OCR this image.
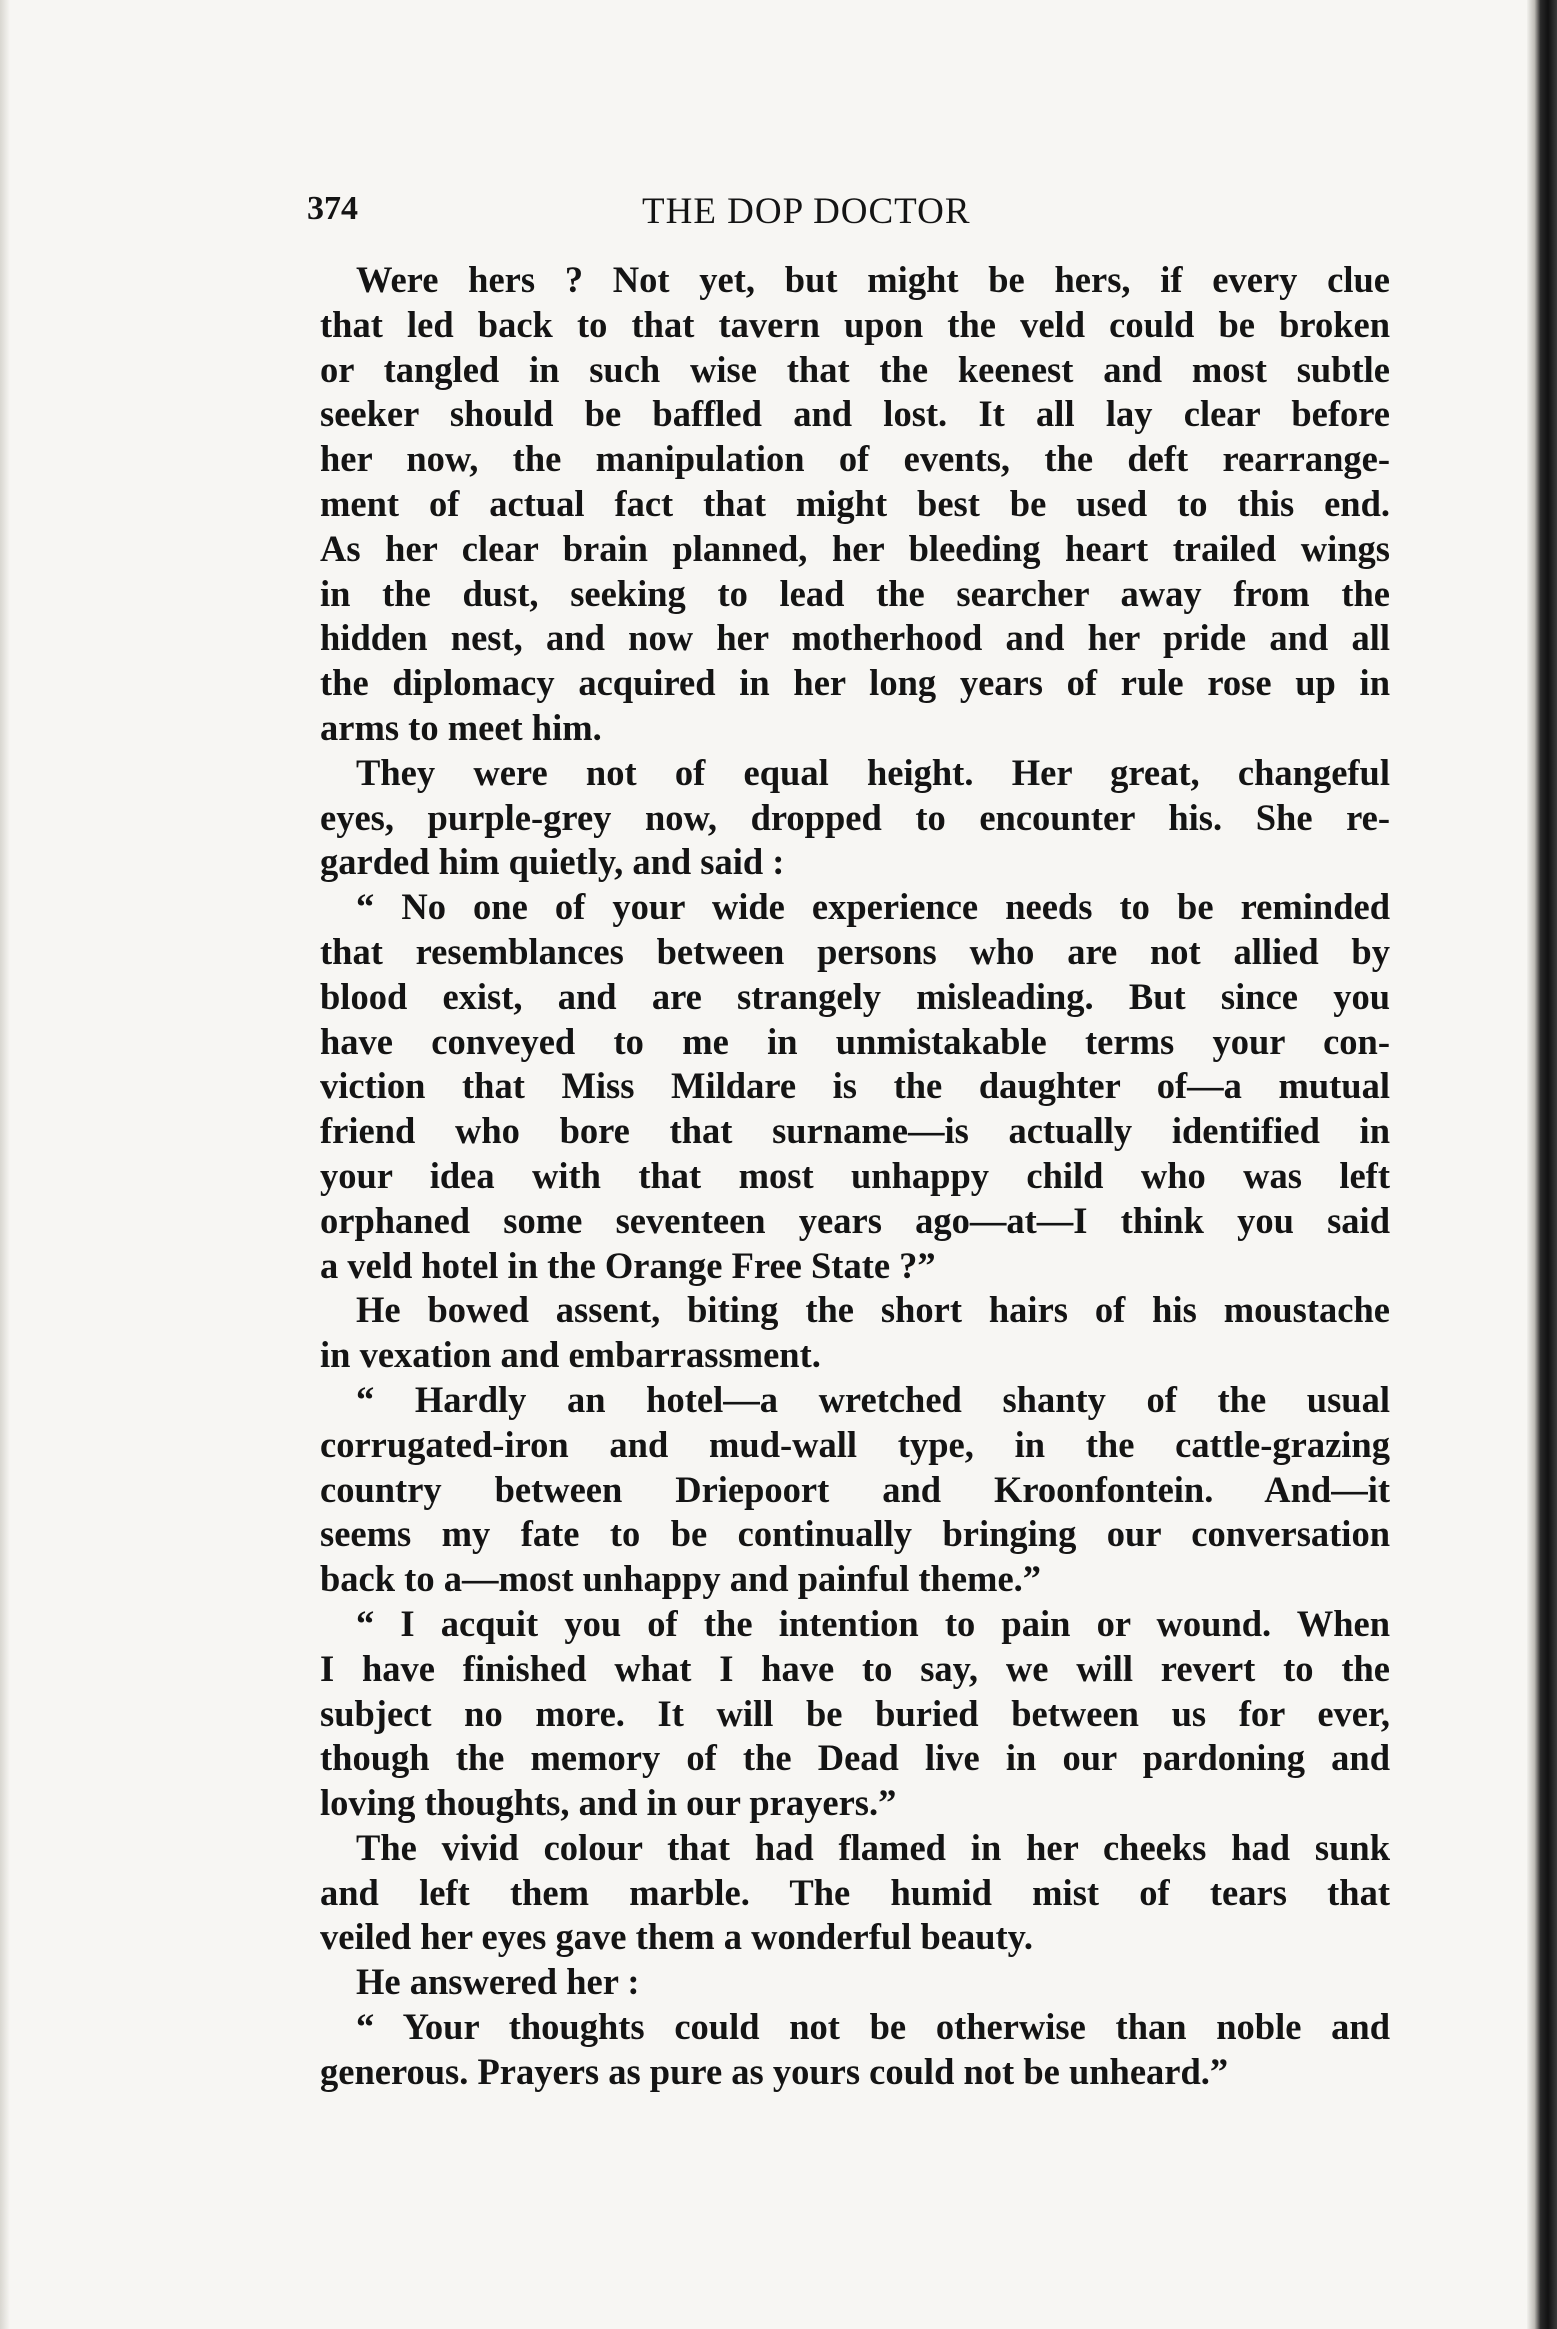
374	THE DOP DOCTOR
Were hers ? Not yet, but might be hers, if every clue
that led back to that tavern upon the veld could be broken
or tangled in such wise that the keenest and most subtle
seeker should be baffled and lost. It all lay clear before
her now, the manipulation of events, the deft rearrange-
ment of actual fact that might best be used to this end.
As her clear brain planned, her bleeding heart trailed wings
in the dust, seeking to lead the searcher away from the
hidden nest, and now her motherhood and her pride and all
the diplomacy acquired in her long years of rule rose up in
arms to meet him.
They were not of equal height. Her great, changeful
eyes, purple-grey now, dropped to encounter his. She re-
garded him quietly, and said :
“ No one of your wide experience needs to be reminded
that resemblances between persons who are not allied by
blood exist, and are strangely misleading. But since you
have conveyed to me in unmistakable terms your con-
viction that Miss Mildare is the daughter of—a mutual
friend who bore that surname—is actually identified in
your idea with that most unhappy child who was left
orphaned some seventeen years ago—at—I think you said
a veld hotel in the Orange Free State ?”
He bowed assent, biting the short hairs of his moustache
in vexation and embarrassment.
“ Hardly an hotel—a wretched shanty of the usual
corrugated-iron and mud-wall type, in the cattle-grazing
country between Driepoort and Kroonfontein. And—it
seems my fate to be continually bringing our conversation
back to a—most unhappy and painful theme.”
“ I acquit you of the intention to pain or wound. When
I have finished what I have to say, we will revert to the
subject no more. It will be buried between us for ever,
though the memory of the Dead live in our pardoning and
loving thoughts, and in our prayers.”
The vivid colour that had flamed in her cheeks had sunk
and left them marble. The humid mist of tears that
veiled her eyes gave them a wonderful beauty.
He answered her :
“ Your thoughts could not be otherwise than noble and
generous. Prayers as pure as yours could not be unheard.”
